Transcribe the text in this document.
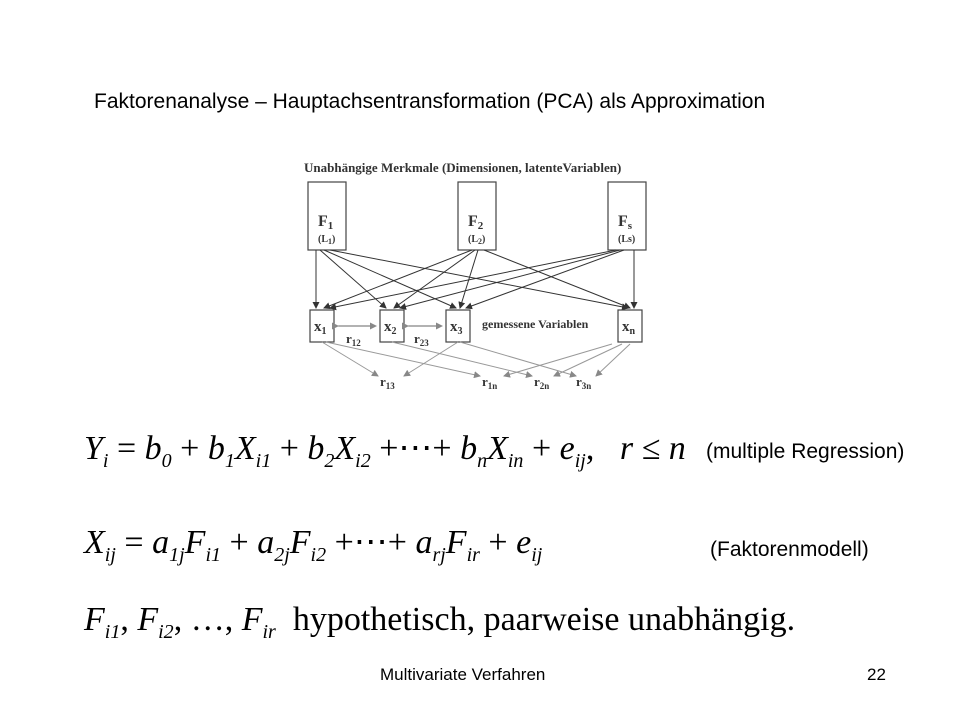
Faktorenanalyse – Hauptachsentransformation (PCA) als Approximation
Unabhängige Merkmale (Dimensionen, latenteVariablen)
F1
$(L_1)$
F2
$(L_2)$
Fs
(Ls)
$x_1$	$x_2$	$x_3$	$x_n$
gemessene Variablen
$r_{12}$	$r_{23}$
$r_{13}$	$r_{1n}$	$r_{2n}$ $r_{3n}$
$Y_i = b_0 + b_1X_{i1} + b_2X_{i2}$ +⋯+ $b_nX_{in} + e_{ij}$,   r ≤ n (multiple Regression)
$X_{ij} = a_{1j}F_{i1} + a_{2j}F_{i2}$ +⋯+ $a_{rj}F_{ir} + e_{ij}$	(Faktorenmodell)
$F_{i1}$, $F_{i2}$, …, $F_{ir}$ hypothetisch, paarweise unabhängig.
Multivariate Verfahren	22
